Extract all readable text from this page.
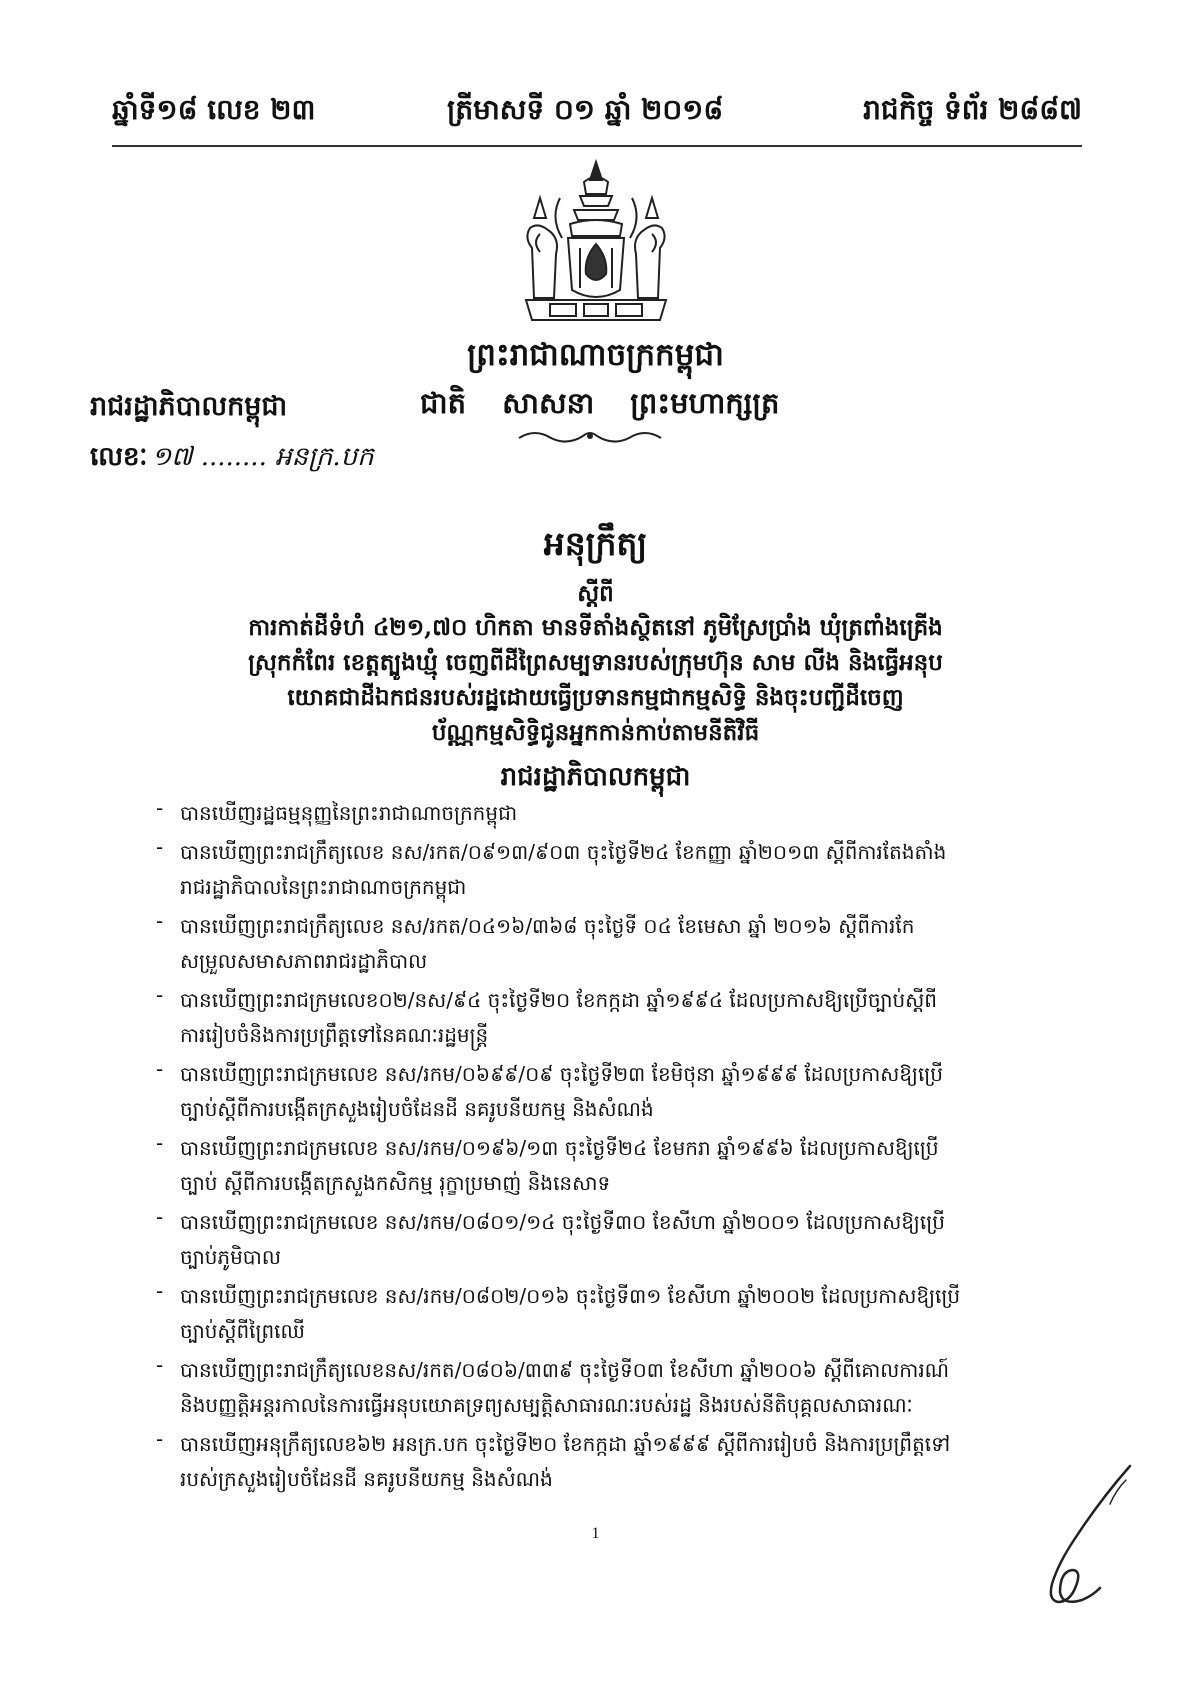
ឆ្នាំទី១៨ លេខ ២៣	ត្រីមាសទី ០១ ឆ្នាំ ២០១៨	រាជកិច្ច ទំព័រ ២៨៨៧
ព្រះរាជាណាចក្រកម្ពុជា
រាជរដ្ឋាភិបាលកម្ពុជា	ជាតិ សាសនា ព្រះមហាក្សត្រ
លេខៈ ១៧ ........ អនក្រ.បក
អនុក្រឹត្យ
ស្តីពី
ការកាត់ដីទំហំ ៤២១,៧០ ហិកតា មានទីតាំងស្ថិតនៅ ភូមិស្រែប្រាំង ឃុំត្រពាំងគ្រើង
ស្រុកកំពែរ ខេត្តត្បូងឃ្មុំ ចេញពីដីព្រៃសម្បទានរបស់ក្រុមហ៊ុន សាម លីង និងធ្វើអនុប
យោគជាដីឯកជនរបស់រដ្ឋដោយធ្វើប្រទានកម្មជាកម្មសិទ្ធិ និងចុះបញ្ជីដីចេញ
ប័ណ្ណកម្មសិទ្ធិជូនអ្នកកាន់កាប់តាមនីតិវិធី
រាជរដ្ឋាភិបាលកម្ពុជា
- បានឃើញរដ្ឋធម្មនុញ្ញនៃព្រះរាជាណាចក្រកម្ពុជា
- បានឃើញព្រះរាជក្រឹត្យលេខ នស/រកត/០៩១៣/៩០៣ ចុះថ្ងៃទី២៤ ខែកញ្ញា ឆ្នាំ២០១៣ ស្តីពីការតែងតាំង
រាជរដ្ឋាភិបាលនៃព្រះរាជាណាចក្រកម្ពុជា
- បានឃើញព្រះរាជក្រឹត្យលេខ នស/រកត/០៤១៦/៣៦៨ ចុះថ្ងៃទី ០៤ ខែមេសា ឆ្នាំ ២០១៦ ស្តីពីការកែ
សម្រួលសមាសភាពរាជរដ្ឋាភិបាល
- បានឃើញព្រះរាជក្រមលេខ០២/នស/៩៤ ចុះថ្ងៃទី២០ ខែកក្កដា ឆ្នាំ១៩៩៤ ដែលប្រកាសឱ្យប្រើច្បាប់ស្តីពី
ការរៀបចំនិងការប្រព្រឹត្តទៅនៃគណៈរដ្ឋមន្ត្រី
- បានឃើញព្រះរាជក្រមលេខ នស/រកម/០៦៩៩/០៩ ចុះថ្ងៃទី២៣ ខែមិថុនា ឆ្នាំ១៩៩៩ ដែលប្រកាសឱ្យប្រើ
ច្បាប់ស្តីពីការបង្កើតក្រសួងរៀបចំដែនដី នគរូបនីយកម្ម និងសំណង់
- បានឃើញព្រះរាជក្រមលេខ នស/រកម/០១៩៦/១៣ ចុះថ្ងៃទី២៤ ខែមករា ឆ្នាំ១៩៩៦ ដែលប្រកាសឱ្យប្រើ
ច្បាប់ ស្តីពីការបង្កើតក្រសួងកសិកម្ម រុក្ខាប្រមាញ់ និងនេសាទ
- បានឃើញព្រះរាជក្រមលេខ នស/រកម/០៨០១/១៤ ចុះថ្ងៃទី៣០ ខែសីហា ឆ្នាំ២០០១ ដែលប្រកាសឱ្យប្រើ
ច្បាប់ភូមិបាល
- បានឃើញព្រះរាជក្រមលេខ នស/រកម/០៨០២/០១៦ ចុះថ្ងៃទី៣១ ខែសីហា ឆ្នាំ២០០២ ដែលប្រកាសឱ្យប្រើ
ច្បាប់ស្តីពីព្រៃឈើ
- បានឃើញព្រះរាជក្រឹត្យលេខនស/រកត/០៨០៦/៣៣៩ ចុះថ្ងៃទី០៣ ខែសីហា ឆ្នាំ២០០៦ ស្តីពីគោលការណ៍
និងបញ្ញត្តិអន្តរកាលនៃការធ្វើអនុបយោគទ្រព្យសម្បត្តិសាធារណៈរបស់រដ្ឋ និងរបស់នីតិបុគ្គលសាធារណៈ
- បានឃើញអនុក្រឹត្យលេខ៦២ អនក្រ.បក ចុះថ្ងៃទី២០ ខែកក្កដា ឆ្នាំ១៩៩៩ ស្តីពីការរៀបចំ និងការប្រព្រឹត្តទៅ
របស់ក្រសួងរៀបចំដែនដី នគរូបនីយកម្ម និងសំណង់
1
